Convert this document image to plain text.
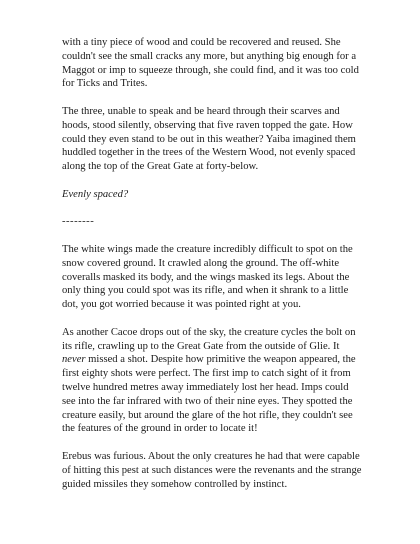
with a tiny piece of wood and could be recovered and reused. She couldn't see the small cracks any more, but anything big enough for a Maggot or imp to squeeze through, she could find, and it was too cold for Ticks and Trites.

The three, unable to speak and be heard through their scarves and hoods, stood silently, observing that five raven topped the gate. How could they even stand to be out in this weather? Yaiba imagined them huddled together in the trees of the Western Wood, not evenly spaced along the top of the Great Gate at forty-below.

Evenly spaced?

--------

The white wings made the creature incredibly difficult to spot on the snow covered ground. It crawled along the ground. The off-white coveralls masked its body, and the wings masked its legs. About the only thing you could spot was its rifle, and when it shrank to a little dot, you got worried because it was pointed right at you.

As another Cacoe drops out of the sky, the creature cycles the bolt on its rifle, crawling up to the Great Gate from the outside of Glie. It never missed a shot. Despite how primitive the weapon appeared, the first eighty shots were perfect. The first imp to catch sight of it from twelve hundred metres away immediately lost her head. Imps could see into the far infrared with two of their nine eyes. They spotted the creature easily, but around the glare of the hot rifle, they couldn't see the features of the ground in order to locate it!

Erebus was furious. About the only creatures he had that were capable of hitting this pest at such distances were the revenants and the strange guided missiles they somehow controlled by instinct.
